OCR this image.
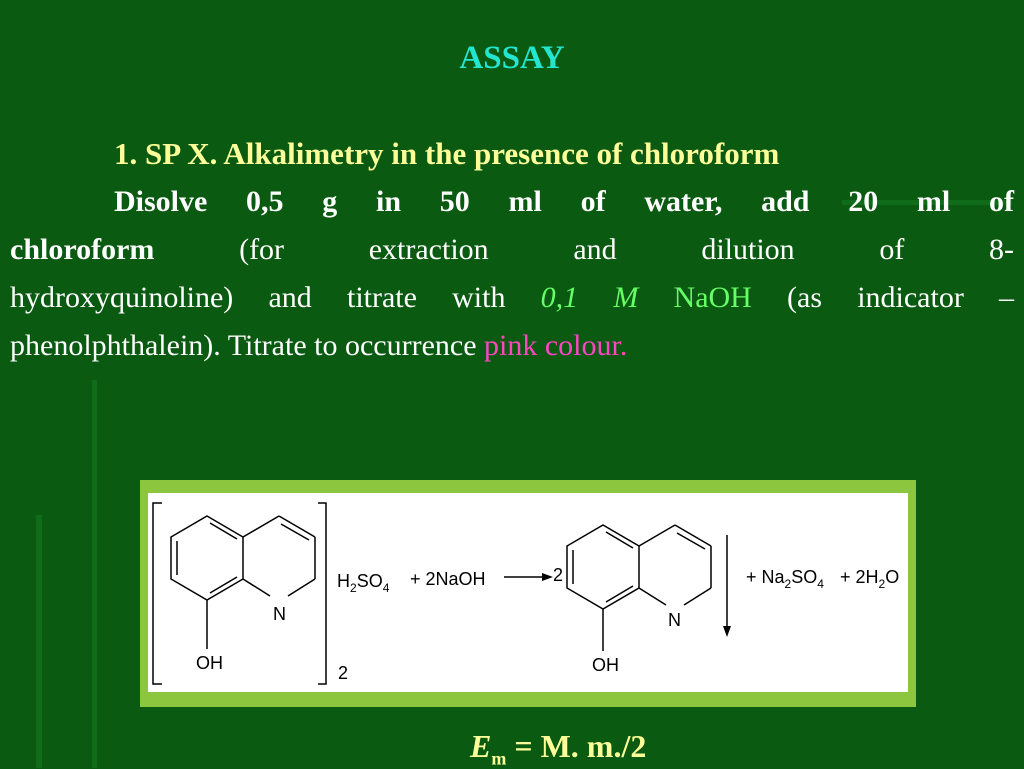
ASSAY
1. SP X. Alkalimetry in the presence of chloroform
Disolve 0,5 g in 50 ml of water, add 20 ml of
chloroform (for extraction and dilution of 8-
hydroxyquinoline) and titrate with 0,1 M NaOH (as indicator –
phenolphthalein). Titrate to occurrence pink colour.
N
OH
$H_2SO_4$
2
+ 2NaOH	2
N
OH
+ $Na_2SO_4 + 2H_2O$
$E_m = M$. m./2
